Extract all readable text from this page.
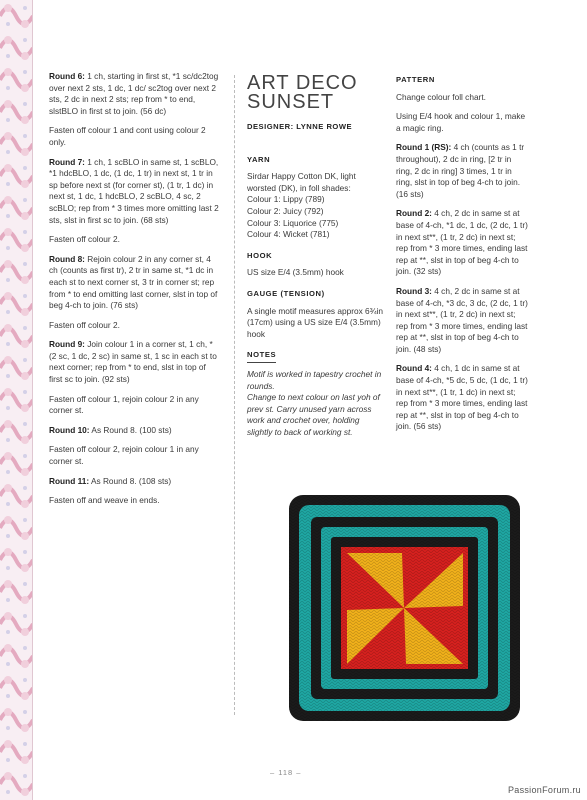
Round 6: 1 ch, starting in first st, *1 sc/dc2tog over next 2 sts, 1 dc, 1 dc/ sc2tog over next 2 sts, 2 dc in next 2 sts; rep from * to end, slstBLO in first st to join. (56 dc)

Fasten off colour 1 and cont using colour 2 only.

Round 7: 1 ch, 1 scBLO in same st, 1 scBLO, *1 hdcBLO, 1 dc, (1 dc, 1 tr) in next st, 1 tr in sp before next st (for corner st), (1 tr, 1 dc) in next st, 1 dc, 1 hdcBLO, 2 scBLO, 4 sc, 2 scBLO; rep from * 3 times more omitting last 2 sts, slst in first sc to join. (68 sts)

Fasten off colour 2.

Round 8: Rejoin colour 2 in any corner st, 4 ch (counts as first tr), 2 tr in same st, *1 dc in each st to next corner st, 3 tr in corner st; rep from * to end omitting last corner, slst in top of beg 4-ch to join. (76 sts)

Fasten off colour 2.

Round 9: Join colour 1 in a corner st, 1 ch, *(2 sc, 1 dc, 2 sc) in same st, 1 sc in each st to next corner; rep from * to end, slst in top of first sc to join. (92 sts)

Fasten off colour 1, rejoin colour 2 in any corner st.

Round 10: As Round 8. (100 sts)

Fasten off colour 2, rejoin colour 1 in any corner st.

Round 11: As Round 8. (108 sts)

Fasten off and weave in ends.

ART DECO
SUNSET
DESIGNER: LYNNE ROWE
YARN
Sirdar Happy Cotton DK, light worsted (DK), in foll shades:
Colour 1: Lippy (789)
Colour 2: Juicy (792)
Colour 3: Liquorice (775)
Colour 4: Wicket (781)
HOOK
US size E/4 (3.5mm) hook
GAUGE (TENSION)
A single motif measures approx 6¾in (17cm) using a US size E/4 (3.5mm) hook
NOTES
Motif is worked in tapestry crochet in rounds.
Change to next colour on last yoh of prev st. Carry unused yarn across work and crochet over, holding slightly to back of working st.
PATTERN

Change colour foll chart.

Using E/4 hook and colour 1, make a magic ring.

Round 1 (RS): 4 ch (counts as 1 tr throughout), 2 dc in ring, [2 tr in ring, 2 dc in ring] 3 times, 1 tr in ring, slst in top of beg 4-ch to join. (16 sts)

Round 2: 4 ch, 2 dc in same st at base of 4-ch, *1 dc, 1 dc, (2 dc, 1 tr) in next st**, (1 tr, 2 dc) in next st; rep from * 3 more times, ending last rep at **, slst in top of beg 4-ch to join. (32 sts)

Round 3: 4 ch, 2 dc in same st at base of 4-ch, *3 dc, 3 dc, (2 dc, 1 tr) in next st**, (1 tr, 2 dc) in next st; rep from * 3 more times, ending last rep at **, slst in top of beg 4-ch to join. (48 sts)

Round 4: 4 ch, 1 dc in same st at base of 4-ch, *5 dc, 5 dc, (1 dc, 1 tr) in next st**, (1 tr, 1 dc) in next st; rep from * 3 more times, ending last rep at **, slst in top of beg 4-ch to join. (56 sts)

– 118 –
PassionForum.ru
